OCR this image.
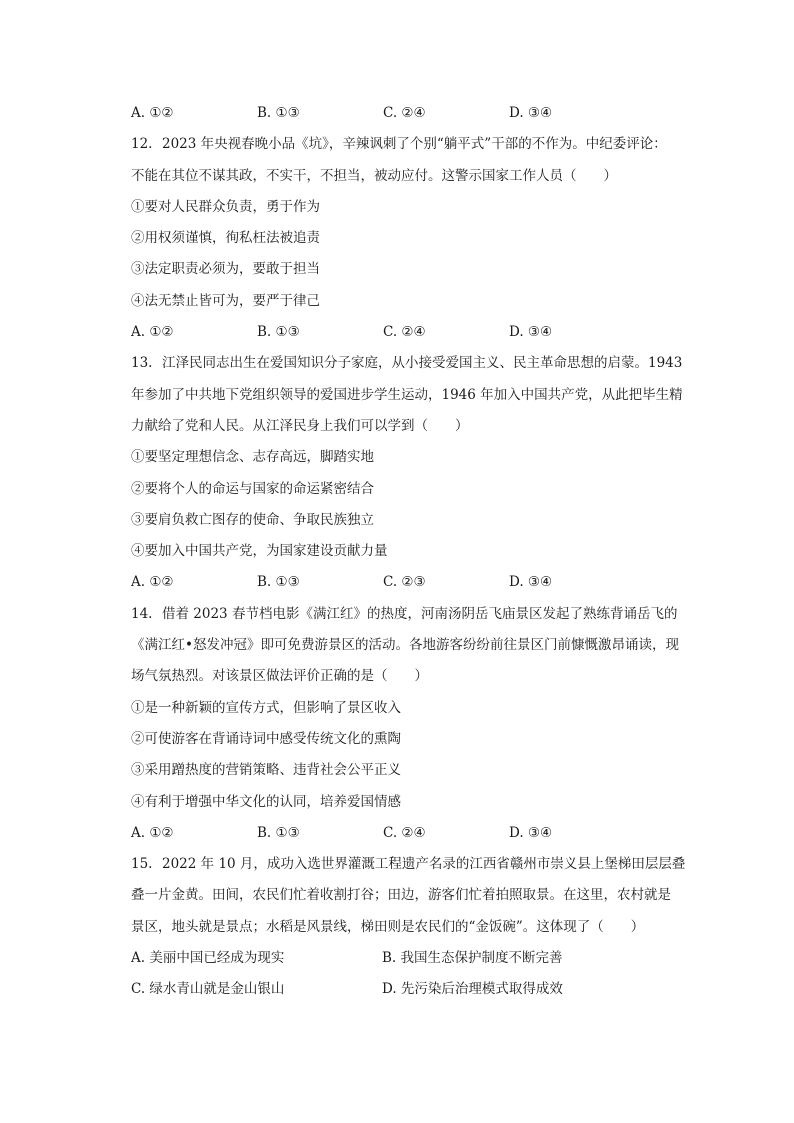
A. ①②	B. ①③	C. ②④	D. ③④
12. 2023 年央视春晚小品《坑》，辛辣讽刺了个别“躺平式”干部的不作为。中纪委评论：
不能在其位不谋其政，不实干，不担当，被动应付。这警示国家工作人员（　　）
①要对人民群众负责，勇于作为
②用权须谨慎，徇私枉法被追责
③法定职责必须为，要敢于担当
④法无禁止皆可为，要严于律己
A. ①②	B. ①③	C. ②④	D. ③④
13. 江泽民同志出生在爱国知识分子家庭，从小接受爱国主义、民主革命思想的启蒙。1943
年参加了中共地下党组织领导的爱国进步学生运动，1946 年加入中国共产党，从此把毕生精
力献给了党和人民。从江泽民身上我们可以学到（　　）
①要坚定理想信念、志存高远，脚踏实地
②要将个人的命运与国家的命运紧密结合
③要肩负救亡图存的使命、争取民族独立
④要加入中国共产党，为国家建设贡献力量
A. ①②	B. ①③	C. ②③	D. ③④
14. 借着 2023 春节档电影《满江红》的热度，河南汤阴岳飞庙景区发起了熟练背诵岳飞的
《满江红•怒发冲冠》即可免费游景区的活动。各地游客纷纷前往景区门前慷慨激昂诵读，现
场气氛热烈。对该景区做法评价正确的是（　　）
①是一种新颖的宣传方式，但影响了景区收入
②可使游客在背诵诗词中感受传统文化的熏陶
③采用蹭热度的营销策略、违背社会公平正义
④有利于增强中华文化的认同，培养爱国情感
A. ①②	B. ①③	C. ②④	D. ③④
15. 2022 年 10 月，成功入选世界灌溉工程遗产名录的江西省赣州市崇义县上堡梯田层层叠
叠一片金黄。田间，农民们忙着收割打谷；田边，游客们忙着拍照取景。在这里，农村就是
景区，地头就是景点；水稻是风景线，梯田则是农民们的“金饭碗”。这体现了（　　）
A. 美丽中国已经成为现实	B. 我国生态保护制度不断完善
C. 绿水青山就是金山银山	D. 先污染后治理模式取得成效
